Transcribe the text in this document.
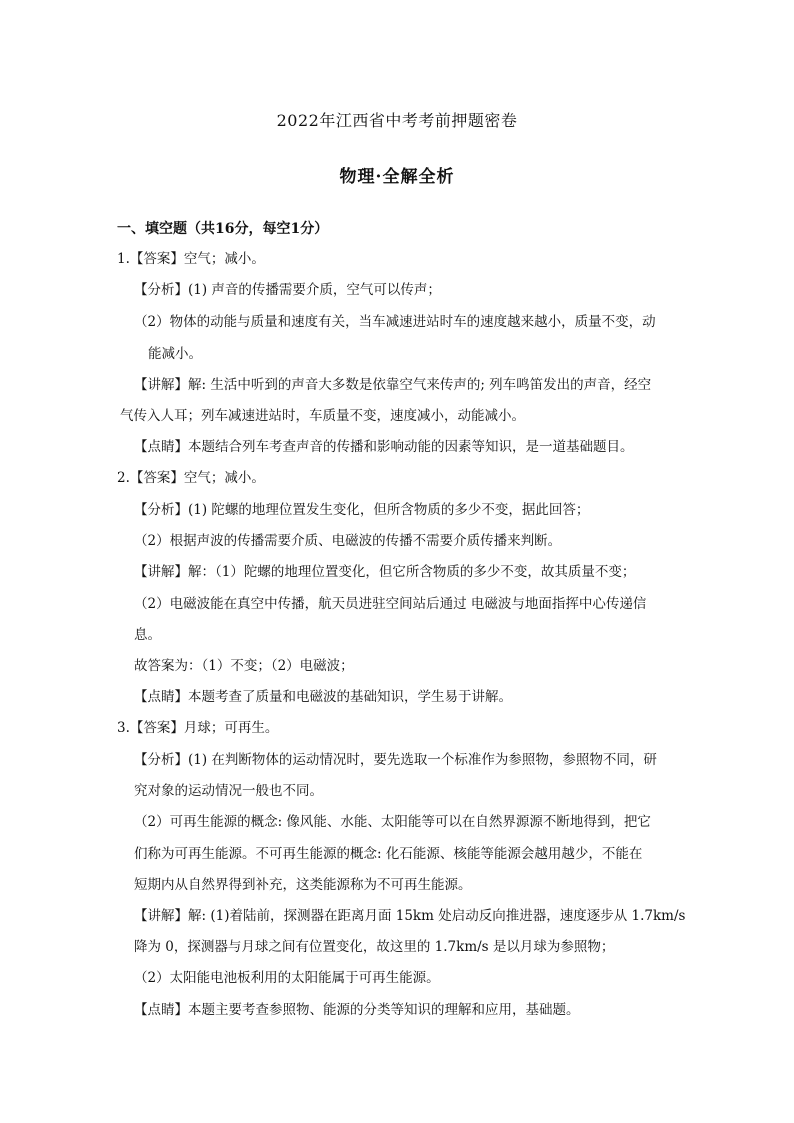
2022年江西省中考考前押题密卷
物理·全解全析
一、填空题（共16分，每空1分）
1.【答案】空气；减小。
【分析】(1) 声音的传播需要介质，空气可以传声；
（2）物体的动能与质量和速度有关，当车减速进站时车的速度越来越小，质量不变，动
能减小。
【讲解】解: 生活中听到的声音大多数是依靠空气来传声的; 列车鸣笛发出的声音，经空
气传入人耳；列车减速进站时，车质量不变，速度减小，动能减小。
【点睛】本题结合列车考查声音的传播和影响动能的因素等知识，是一道基础题目。
2.【答案】空气；减小。
【分析】(1) 陀螺的地理位置发生变化，但所含物质的多少不变，据此回答；
（2）根据声波的传播需要介质、电磁波的传播不需要介质传播来判断。
【讲解】解：（1）陀螺的地理位置变化，但它所含物质的多少不变，故其质量不变；
（2）电磁波能在真空中传播，航天员进驻空间站后通过 电磁波与地面指挥中心传递信
息。
故答案为：（1）不变；（2）电磁波；
【点睛】本题考查了质量和电磁波的基础知识，学生易于讲解。
3.【答案】月球；可再生。
【分析】(1) 在判断物体的运动情况时，要先选取一个标准作为参照物，参照物不同，研
究对象的运动情况一般也不同。
（2）可再生能源的概念: 像风能、水能、太阳能等可以在自然界源源不断地得到，把它
们称为可再生能源。不可再生能源的概念: 化石能源、核能等能源会越用越少，不能在
短期内从自然界得到补充，这类能源称为不可再生能源。
【讲解】解: (1)着陆前，探测器在距离月面 15km 处启动反向推进器，速度逐步从 1.7km/s
降为 0，探测器与月球之间有位置变化，故这里的 1.7km/s 是以月球为参照物；
（2）太阳能电池板利用的太阳能属于可再生能源。
【点睛】本题主要考查参照物、能源的分类等知识的理解和应用，基础题。
